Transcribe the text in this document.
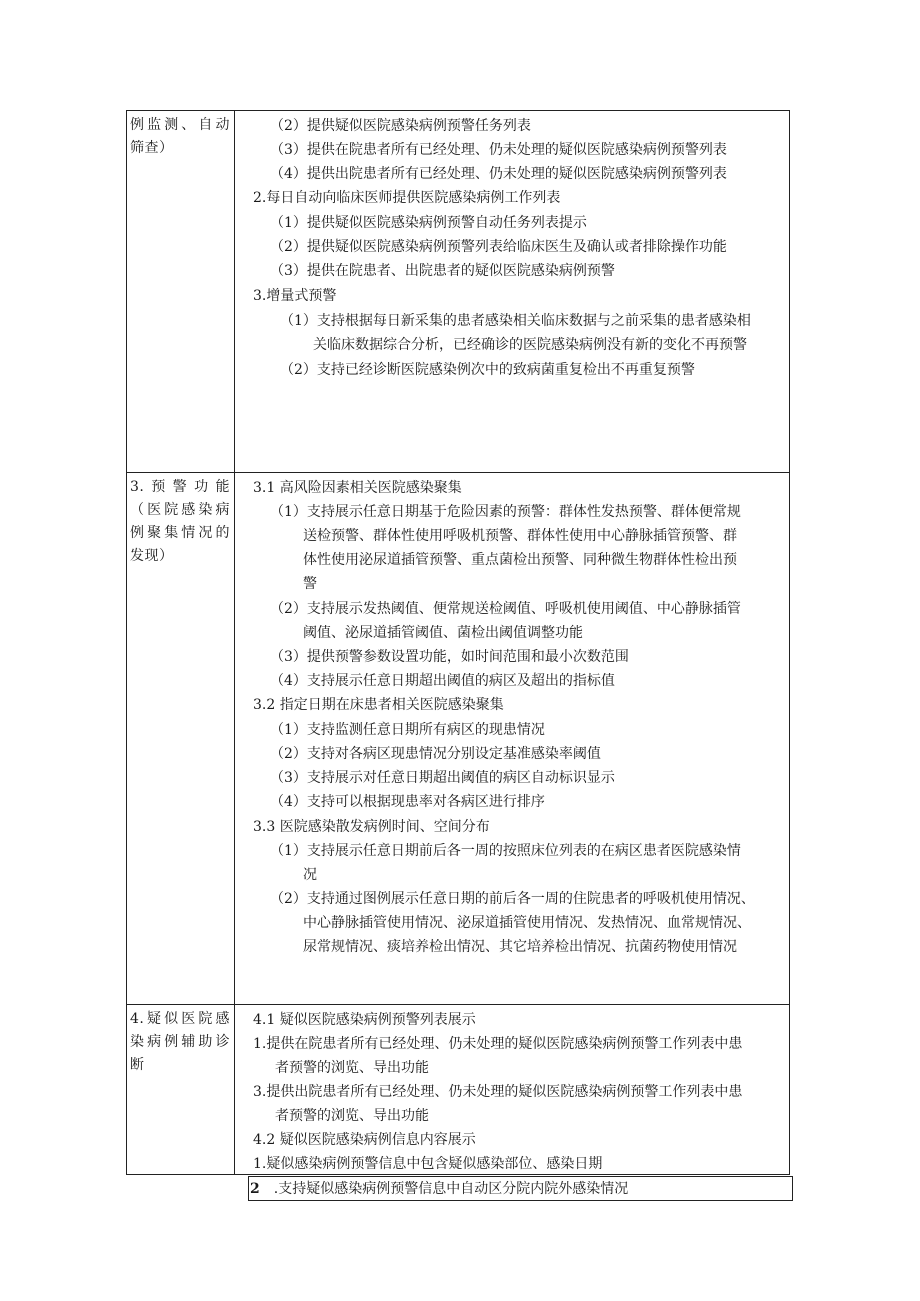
例监测、自动筛查）
（2）提供疑似医院感染病例预警任务列表
（3）提供在院患者所有已经处理、仍未处理的疑似医院感染病例预警列表
（4）提供出院患者所有已经处理、仍未处理的疑似医院感染病例预警列表
2.每日自动向临床医师提供医院感染病例工作列表
（1）提供疑似医院感染病例预警自动任务列表提示
（2）提供疑似医院感染病例预警列表给临床医生及确认或者排除操作功能
（3）提供在院患者、出院患者的疑似医院感染病例预警
3.增量式预警
（1）支持根据每日新采集的患者感染相关临床数据与之前采集的患者感染相
关临床数据综合分析，已经确诊的医院感染病例没有新的变化不再预警
（2）支持已经诊断医院感染例次中的致病菌重复检出不再重复预警
3.预警功能（医院感染病例聚集情况的发现）
3.1 高风险因素相关医院感染聚集
（1）支持展示任意日期基于危险因素的预警：群体性发热预警、群体便常规
送检预警、群体性使用呼吸机预警、群体性使用中心静脉插管预警、群
体性使用泌尿道插管预警、重点菌检出预警、同种微生物群体性检出预
警
（2）支持展示发热阈值、便常规送检阈值、呼吸机使用阈值、中心静脉插管
阈值、泌尿道插管阈值、菌检出阈值调整功能
（3）提供预警参数设置功能，如时间范围和最小次数范围
（4）支持展示任意日期超出阈值的病区及超出的指标值
3.2 指定日期在床患者相关医院感染聚集
（1）支持监测任意日期所有病区的现患情况
（2）支持对各病区现患情况分别设定基准感染率阈值
（3）支持展示对任意日期超出阈值的病区自动标识显示
（4）支持可以根据现患率对各病区进行排序
3.3 医院感染散发病例时间、空间分布
（1）支持展示任意日期前后各一周的按照床位列表的在病区患者医院感染情
况
（2）支持通过图例展示任意日期的前后各一周的住院患者的呼吸机使用情况、
中心静脉插管使用情况、泌尿道插管使用情况、发热情况、血常规情况、
尿常规情况、痰培养检出情况、其它培养检出情况、抗菌药物使用情况
4.疑似医院感染病例辅助诊断
4.1 疑似医院感染病例预警列表展示
1.提供在院患者所有已经处理、仍未处理的疑似医院感染病例预警工作列表中患
者预警的浏览、导出功能
3.提供出院患者所有已经处理、仍未处理的疑似医院感染病例预警工作列表中患
者预警的浏览、导出功能
4.2 疑似医院感染病例信息内容展示
1.疑似感染病例预警信息中包含疑似感染部位、感染日期
2 .支持疑似感染病例预警信息中自动区分院内院外感染情况
